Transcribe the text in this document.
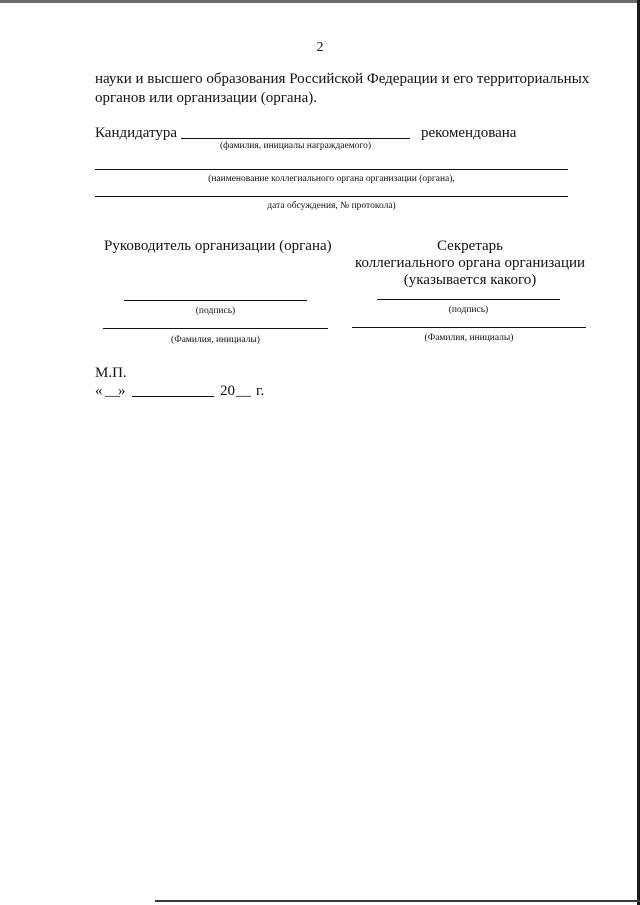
2
науки и высшего образования Российской Федерации и его территориальных
органов или организации (органа).
Кандидатура	рекомендована
(фамилия, инициалы награждаемого)
(наименование коллегиального органа организации (органа),
дата обсуждения, № протокола)
Руководитель организации (органа)	Секретарь
коллегиального органа организации
(указывается какого)
(подпись)	(подпись)
(Фамилия, инициалы)	(Фамилия, инициалы)
М.П.
« __
»	20 __ г.
